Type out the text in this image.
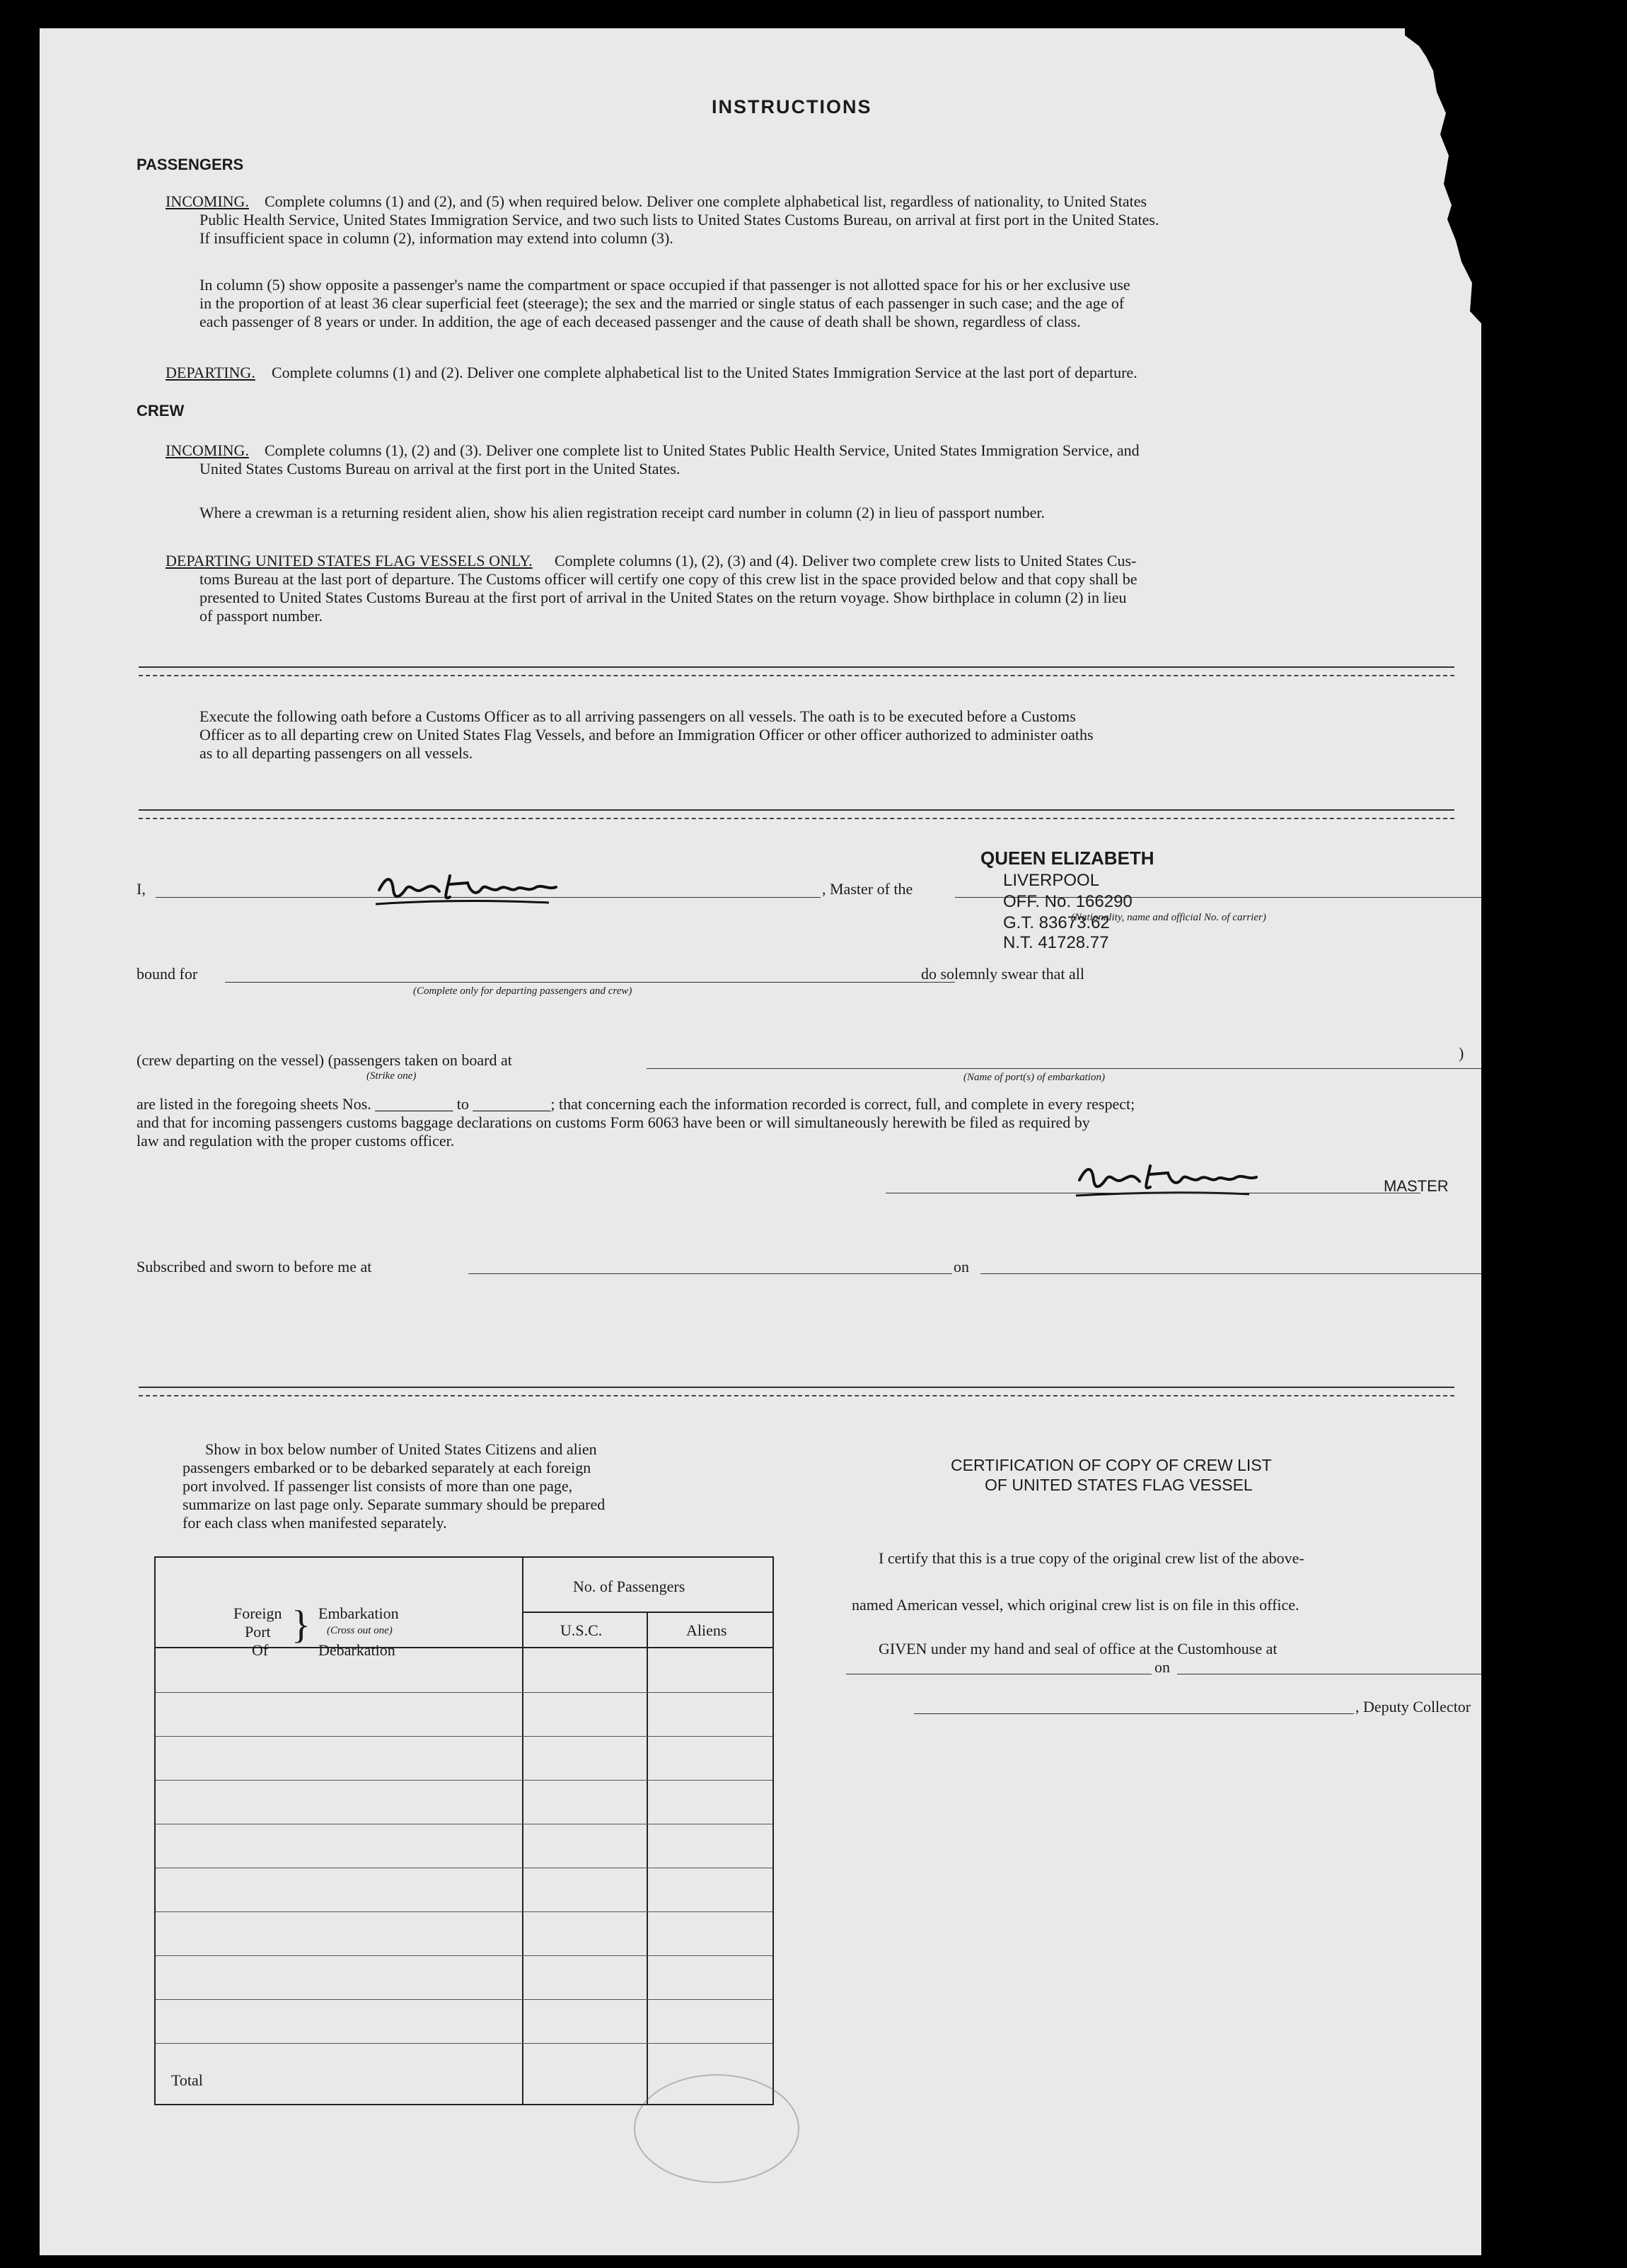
INSTRUCTIONS
PASSENGERS
INCOMING. Complete columns (1) and (2), and (5) when required below. Deliver one complete alphabetical list, regardless of nationality, to United States
Public Health Service, United States Immigration Service, and two such lists to United States Customs Bureau, on arrival at first port in the United States.
If insufficient space in column (2), information may extend into column (3).
In column (5) show opposite a passenger's name the compartment or space occupied if that passenger is not allotted space for his or her exclusive use
in the proportion of at least 36 clear superficial feet (steerage); the sex and the married or single status of each passenger in such case; and the age of
each passenger of 8 years or under. In addition, the age of each deceased passenger and the cause of death shall be shown, regardless of class.
DEPARTING. Complete columns (1) and (2). Deliver one complete alphabetical list to the United States Immigration Service at the last port of departure.
CREW
INCOMING. Complete columns (1), (2) and (3). Deliver one complete list to United States Public Health Service, United States Immigration Service, and
United States Customs Bureau on arrival at the first port in the United States.
Where a crewman is a returning resident alien, show his alien registration receipt card number in column (2) in lieu of passport number.
DEPARTING UNITED STATES FLAG VESSELS ONLY. Complete columns (1), (2), (3) and (4). Deliver two complete crew lists to United States Cus-
toms Bureau at the last port of departure. The Customs officer will certify one copy of this crew list in the space provided below and that copy shall be
presented to United States Customs Bureau at the first port of arrival in the United States on the return voyage. Show birthplace in column (2) in lieu
of passport number.
Execute the following oath before a Customs Officer as to all arriving passengers on all vessels. The oath is to be executed before a Customs
Officer as to all departing crew on United States Flag Vessels, and before an Immigration Officer or other officer authorized to administer oaths
as to all departing passengers on all vessels.
I,	, Master of the
QUEEN ELIZABETH
LIVERPOOL
OFF. No. 166290
(Nationality, name and official No. of carrier)
G.T. 83673.62
N.T. 41728.77
bound for
(Complete only for departing passengers and crew)
do solemnly swear that all
(crew departing on the vessel) (passengers taken on board at
(Strike one)
)
(Name of port(s) of embarkation)
are listed in the foregoing sheets Nos. __________ to __________; that concerning each the information recorded is correct, full, and complete in every respect;
and that for incoming passengers customs baggage declarations on customs Form 6063 have been or will simultaneously herewith be filed as required by
law and regulation with the proper customs officer.
MASTER
Subscribed and sworn to before me at	on
Show in box below number of United States Citizens and alien
passengers embarked or to be debarked separately at each foreign
port involved. If passenger list consists of more than one page,
summarize on last page only. Separate summary should be prepared
for each class when manifested separately.
Foreign
Port
Of
} Embarkation
(Cross out one)
Debarkation
No. of Passengers
U.S.C.	Aliens
Total
CERTIFICATION OF COPY OF CREW LIST
OF UNITED STATES FLAG VESSEL
I certify that this is a true copy of the original crew list of the above-
named American vessel, which original crew list is on file in this office.
GIVEN under my hand and seal of office at the Customhouse at
on
, Deputy Collector
